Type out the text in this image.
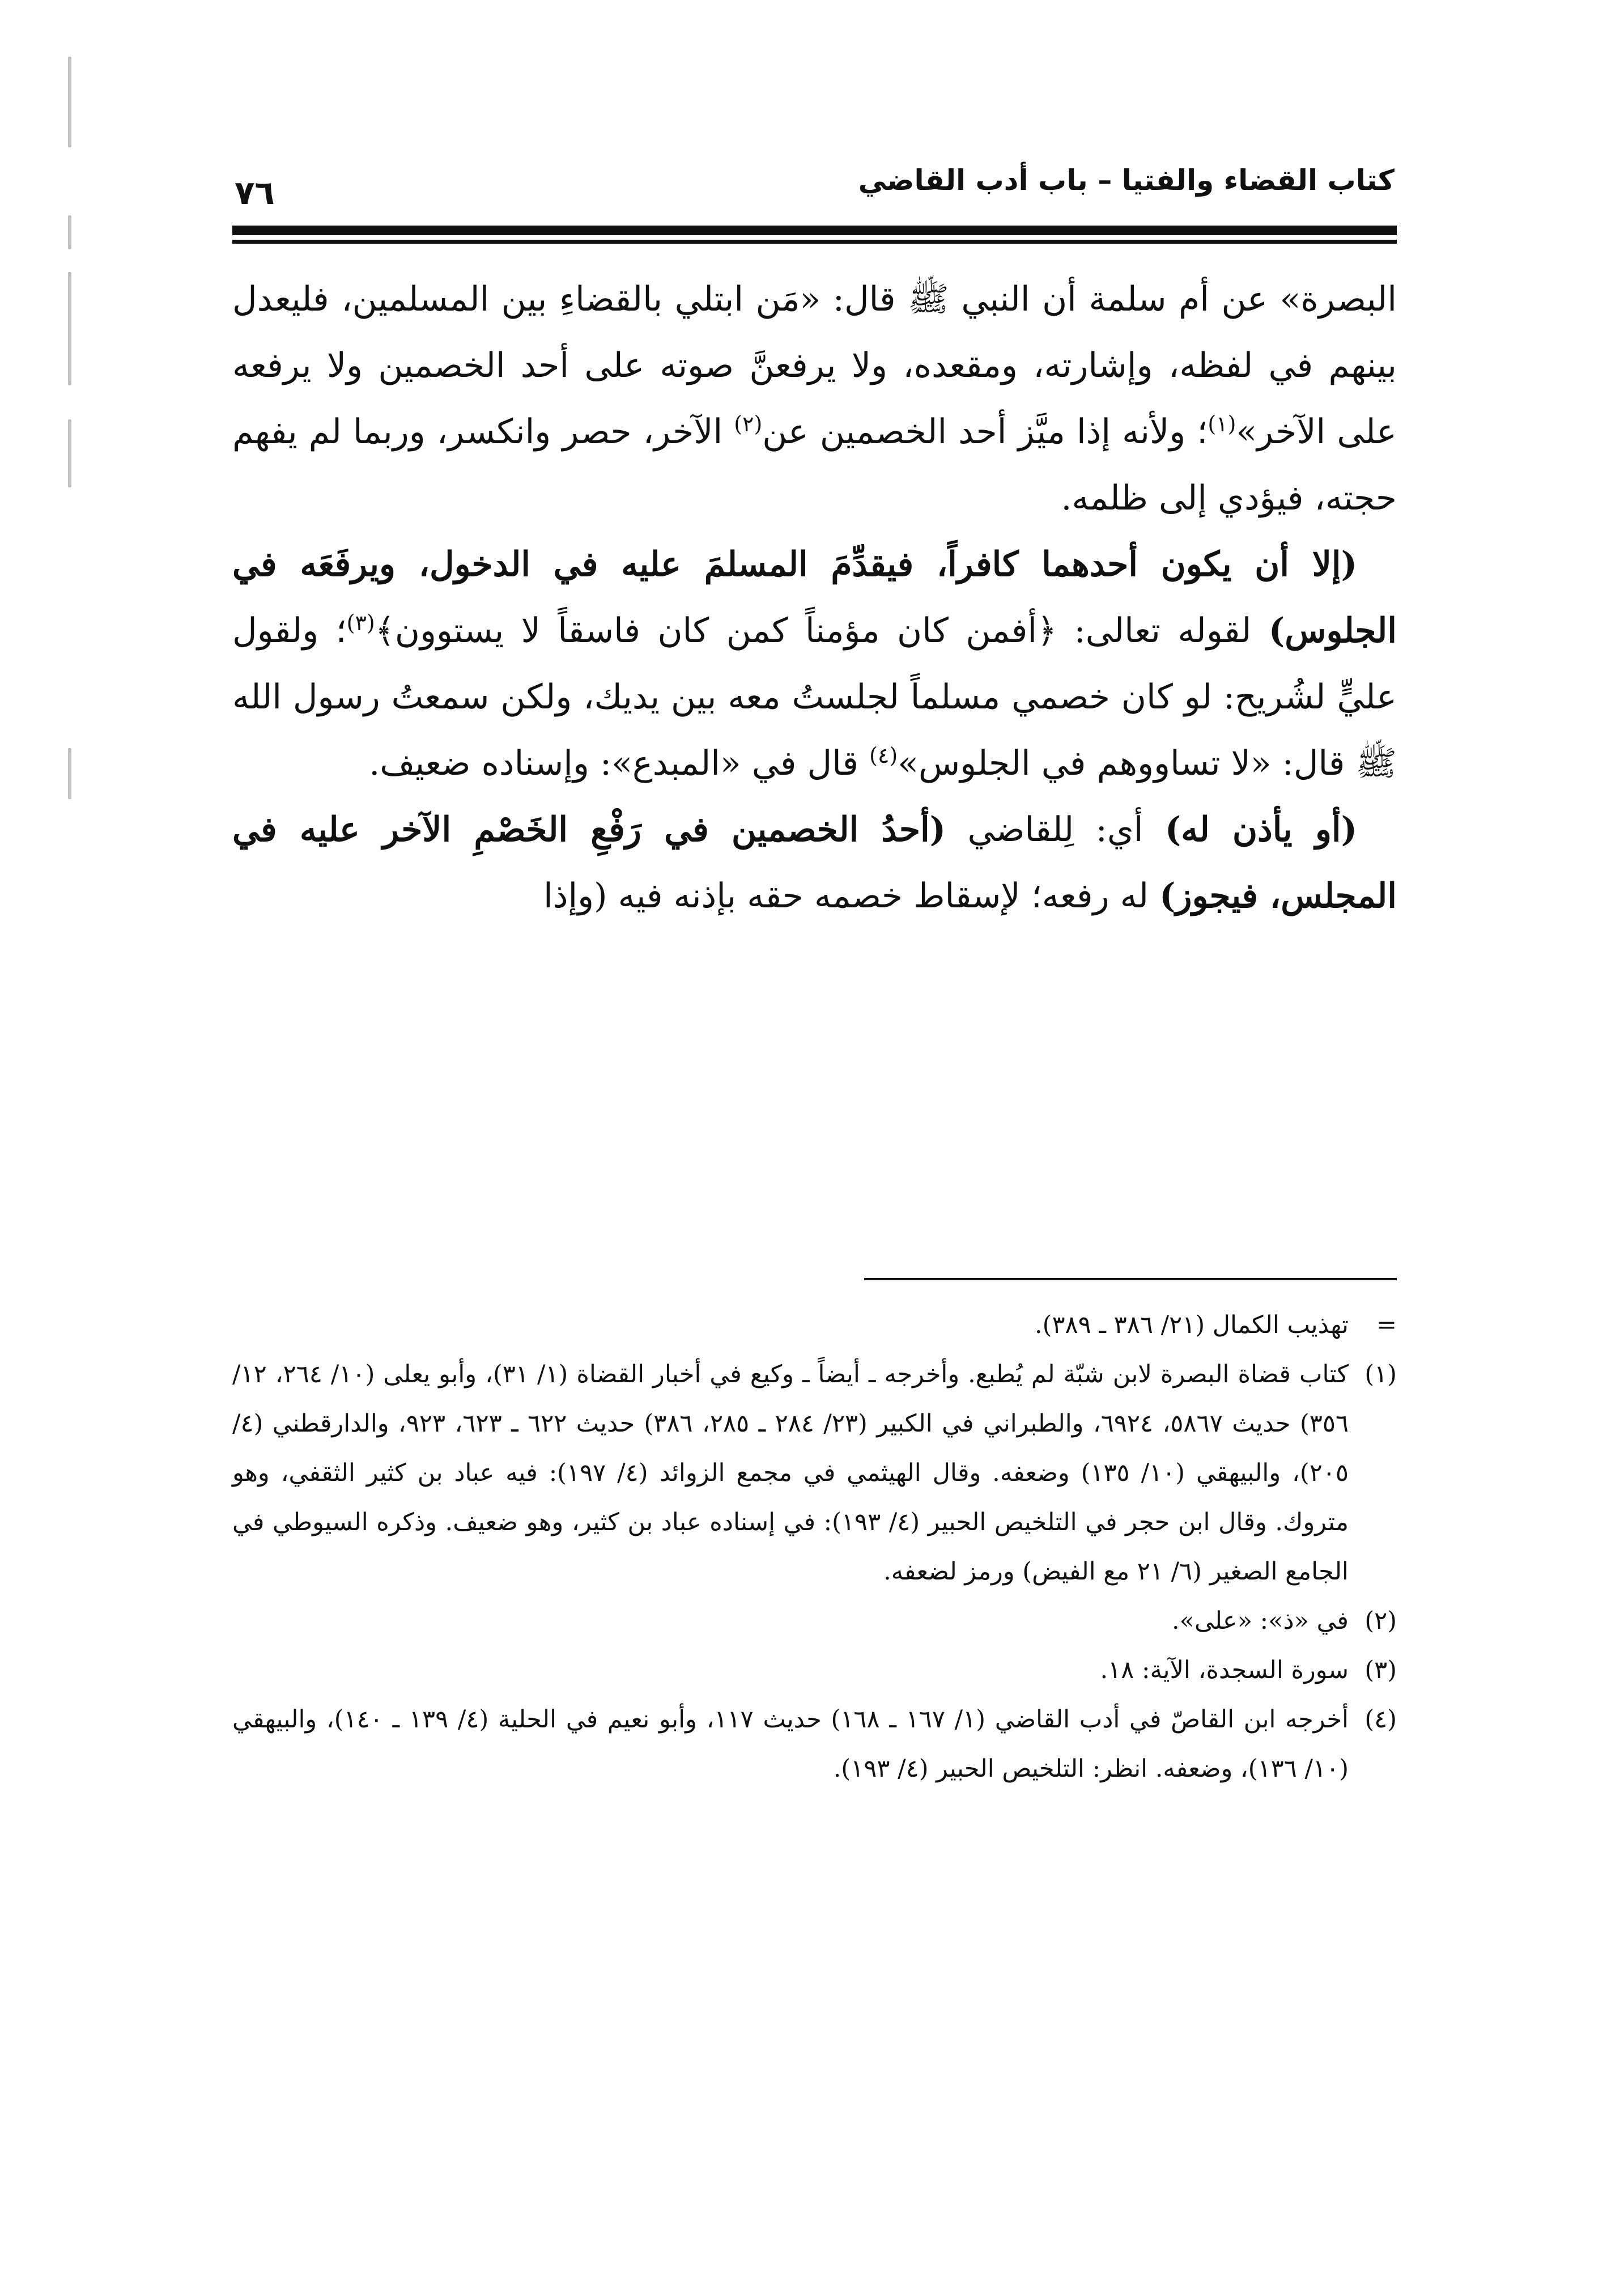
٧٦	كتاب القضاء والفتيا – باب أدب القاضي

البصرة» عن أم سلمة أن النبي ﷺ قال: «مَن ابتلي بالقضاءِ بين المسلمين، فليعدل بينهم في لفظه، وإشارته، ومقعده، ولا يرفعنَّ صوته على أحد الخصمين ولا يرفعه على الآخر»$^{(١)}$؛ ولأنه إذا ميَّز أحد الخصمين عن$^{(٢)}$ الآخر، حصر وانكسر، وربما لم يفهم حجته، فيؤدي إلى ظلمه.

(إلا أن يكون أحدهما كافراً، فيقدِّمَ المسلمَ عليه في الدخول، ويرفَعَه في الجلوس) لقوله تعالى: ﴿أفمن كان مؤمناً كمن كان فاسقاً لا يستوون﴾$^{(٣)}$؛ ولقول عليٍّ لشُريح: لو كان خصمي مسلماً لجلستُ معه بين يديك، ولكن سمعتُ رسول الله ﷺ قال: «لا تساووهم في الجلوس»$^{(٤)}$ قال في «المبدع»: وإسناده ضعيف.

(أو يأذن له) أي: لِلقاضي (أحدُ الخصمين في رَفْعِ الخَصْمِ الآخر عليه في المجلس، فيجوز) له رفعه؛ لإسقاط خصمه حقه بإذنه فيه (وإذا

=
تهذيب الكمال (٢١/ ٣٨٦ ـ ٣٨٩).
(١)
كتاب قضاة البصرة لابن شبّة لم يُطبع. وأخرجه ـ أيضاً ـ وكيع في أخبار القضاة (١/ ٣١)، وأبو يعلى (١٠/ ٢٦٤، ١٢/ ٣٥٦) حديث ٥٨٦٧، ٦٩٢٤، والطبراني في الكبير (٢٣/ ٢٨٤ ـ ٢٨٥، ٣٨٦) حديث ٦٢٢ ـ ٦٢٣، ٩٢٣، والدارقطني (٤/ ٢٠٥)، والبيهقي (١٠/ ١٣٥) وضعفه. وقال الهيثمي في مجمع الزوائد (٤/ ١٩٧): فيه عباد بن كثير الثقفي، وهو متروك. وقال ابن حجر في التلخيص الحبير (٤/ ١٩٣): في إسناده عباد بن كثير، وهو ضعيف. وذكره السيوطي في الجامع الصغير (٦/ ٢١ مع الفيض) ورمز لضعفه.
(٢)
في «ذ»: «على».
(٣)
سورة السجدة، الآية: ١٨.
(٤)
أخرجه ابن القاصّ في أدب القاضي (١/ ١٦٧ ـ ١٦٨) حديث ١١٧، وأبو نعيم في الحلية (٤/ ١٣٩ ـ ١٤٠)، والبيهقي (١٠/ ١٣٦)، وضعفه. انظر: التلخيص الحبير (٤/ ١٩٣).
